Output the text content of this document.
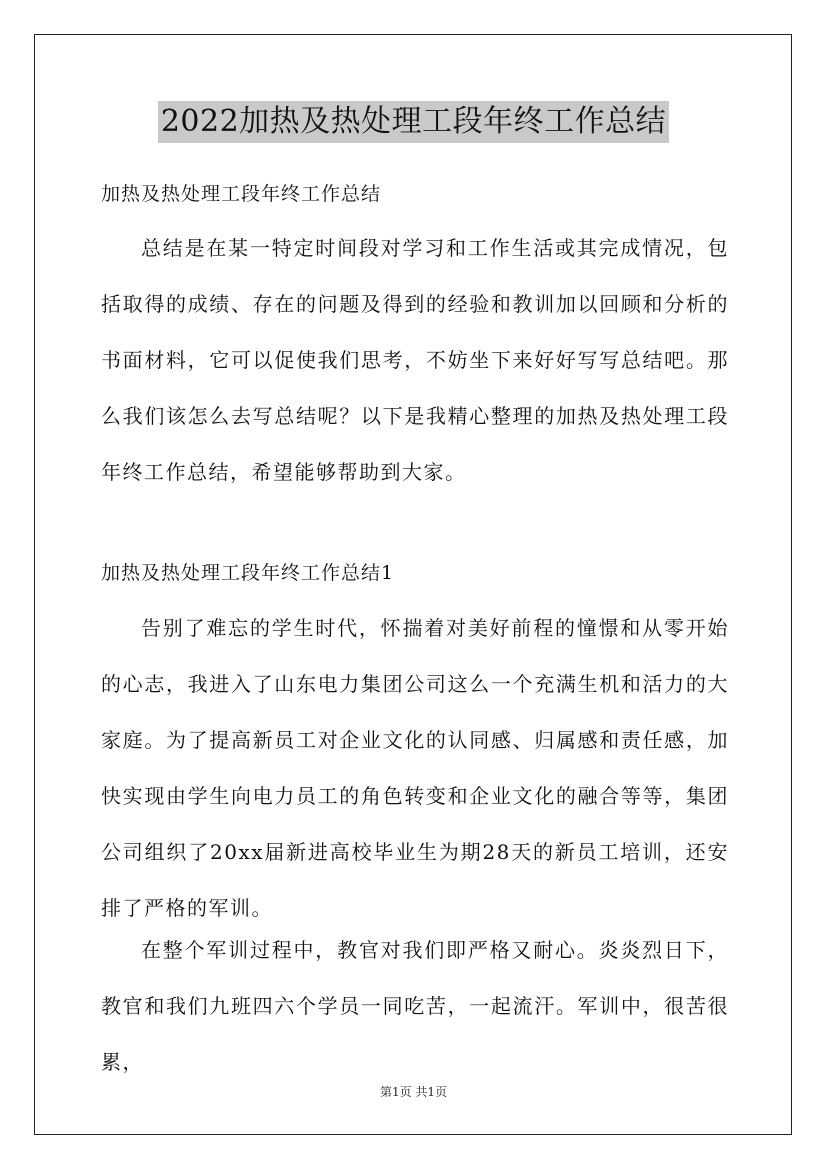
2022加热及热处理工段年终工作总结
加热及热处理工段年终工作总结

总结是在某一特定时间段对学习和工作生活或其完成情况，包括取得的成绩、存在的问题及得到的经验和教训加以回顾和分析的书面材料，它可以促使我们思考，不妨坐下来好好写写总结吧。那么我们该怎么去写总结呢？以下是我精心整理的加热及热处理工段年终工作总结，希望能够帮助到大家。

加热及热处理工段年终工作总结1

告别了难忘的学生时代，怀揣着对美好前程的憧憬和从零开始的心志，我进入了山东电力集团公司这么一个充满生机和活力的大家庭。为了提高新员工对企业文化的认同感、归属感和责任感，加快实现由学生向电力员工的角色转变和企业文化的融合等等，集团公司组织了20xx届新进高校毕业生为期28天的新员工培训，还安排了严格的军训。

在整个军训过程中，教官对我们即严格又耐心。炎炎烈日下，教官和我们九班四六个学员一同吃苦，一起流汗。军训中，很苦很累，

第1页 共1页
